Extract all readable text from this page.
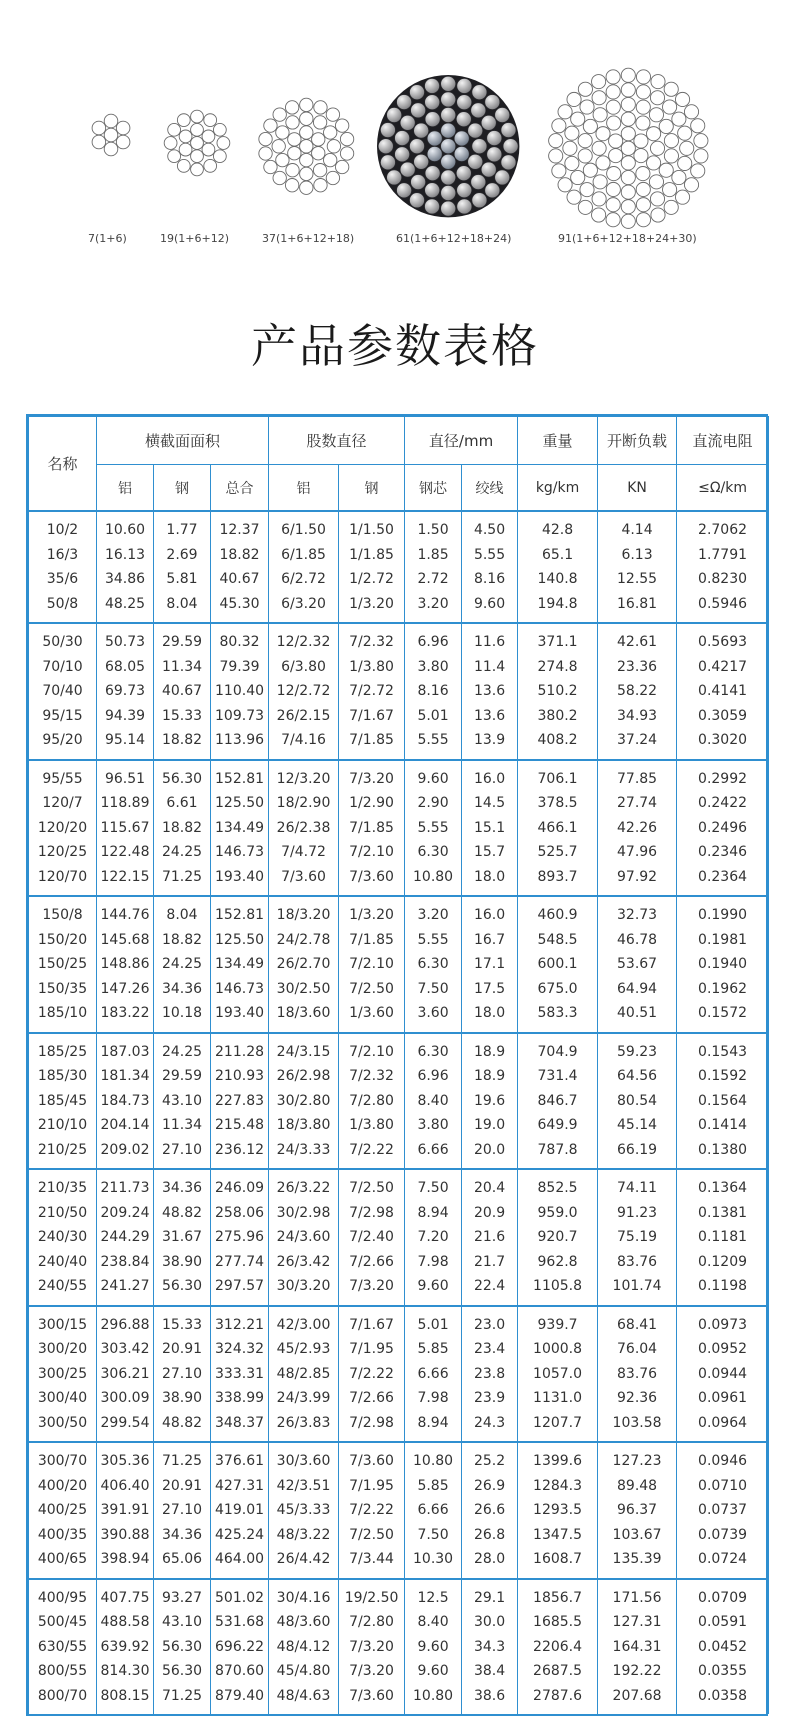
7(1+6)	19(1+6+12)	37(1+6+12+18)	61(1+6+12+18+24)	91(1+6+12+18+24+30)
产品参数表格
名称	横截面面积			股数直径		直径/mm		重量	开断负载	直流电阻
	铝	钢	总合	铝	钢	钢芯	绞线	kg/km	KN	≤Ω/km
10/2	10.60	1.77	12.37	6/1.50	1/1.50	1.50	4.50	42.8	4.14	2.7062
16/3	16.13	2.69	18.82	6/1.85	1/1.85	1.85	5.55	65.1	6.13	1.7791
35/6	34.86	5.81	40.67	6/2.72	1/2.72	2.72	8.16	140.8	12.55	0.8230
50/8	48.25	8.04	45.30	6/3.20	1/3.20	3.20	9.60	194.8	16.81	0.5946
50/30	50.73	29.59	80.32	12/2.32	7/2.32	6.96	11.6	371.1	42.61	0.5693
70/10	68.05	11.34	79.39	6/3.80	1/3.80	3.80	11.4	274.8	23.36	0.4217
70/40	69.73	40.67	110.40	12/2.72	7/2.72	8.16	13.6	510.2	58.22	0.4141
95/15	94.39	15.33	109.73	26/2.15	7/1.67	5.01	13.6	380.2	34.93	0.3059
95/20	95.14	18.82	113.96	7/4.16	7/1.85	5.55	13.9	408.2	37.24	0.3020
95/55	96.51	56.30	152.81	12/3.20	7/3.20	9.60	16.0	706.1	77.85	0.2992
120/7	118.89	6.61	125.50	18/2.90	1/2.90	2.90	14.5	378.5	27.74	0.2422
120/20	115.67	18.82	134.49	26/2.38	7/1.85	5.55	15.1	466.1	42.26	0.2496
120/25	122.48	24.25	146.73	7/4.72	7/2.10	6.30	15.7	525.7	47.96	0.2346
120/70	122.15	71.25	193.40	7/3.60	7/3.60	10.80	18.0	893.7	97.92	0.2364
150/8	144.76	8.04	152.81	18/3.20	1/3.20	3.20	16.0	460.9	32.73	0.1990
150/20	145.68	18.82	125.50	24/2.78	7/1.85	5.55	16.7	548.5	46.78	0.1981
150/25	148.86	24.25	134.49	26/2.70	7/2.10	6.30	17.1	600.1	53.67	0.1940
150/35	147.26	34.36	146.73	30/2.50	7/2.50	7.50	17.5	675.0	64.94	0.1962
185/10	183.22	10.18	193.40	18/3.60	1/3.60	3.60	18.0	583.3	40.51	0.1572
185/25	187.03	24.25	211.28	24/3.15	7/2.10	6.30	18.9	704.9	59.23	0.1543
185/30	181.34	29.59	210.93	26/2.98	7/2.32	6.96	18.9	731.4	64.56	0.1592
185/45	184.73	43.10	227.83	30/2.80	7/2.80	8.40	19.6	846.7	80.54	0.1564
210/10	204.14	11.34	215.48	18/3.80	1/3.80	3.80	19.0	649.9	45.14	0.1414
210/25	209.02	27.10	236.12	24/3.33	7/2.22	6.66	20.0	787.8	66.19	0.1380
210/35	211.73	34.36	246.09	26/3.22	7/2.50	7.50	20.4	852.5	74.11	0.1364
210/50	209.24	48.82	258.06	30/2.98	7/2.98	8.94	20.9	959.0	91.23	0.1381
240/30	244.29	31.67	275.96	24/3.60	7/2.40	7.20	21.6	920.7	75.19	0.1181
240/40	238.84	38.90	277.74	26/3.42	7/2.66	7.98	21.7	962.8	83.76	0.1209
240/55	241.27	56.30	297.57	30/3.20	7/3.20	9.60	22.4	1105.8	101.74	0.1198
300/15	296.88	15.33	312.21	42/3.00	7/1.67	5.01	23.0	939.7	68.41	0.0973
300/20	303.42	20.91	324.32	45/2.93	7/1.95	5.85	23.4	1000.8	76.04	0.0952
300/25	306.21	27.10	333.31	48/2.85	7/2.22	6.66	23.8	1057.0	83.76	0.0944
300/40	300.09	38.90	338.99	24/3.99	7/2.66	7.98	23.9	1131.0	92.36	0.0961
300/50	299.54	48.82	348.37	26/3.83	7/2.98	8.94	24.3	1207.7	103.58	0.0964
300/70	305.36	71.25	376.61	30/3.60	7/3.60	10.80	25.2	1399.6	127.23	0.0946
400/20	406.40	20.91	427.31	42/3.51	7/1.95	5.85	26.9	1284.3	89.48	0.0710
400/25	391.91	27.10	419.01	45/3.33	7/2.22	6.66	26.6	1293.5	96.37	0.0737
400/35	390.88	34.36	425.24	48/3.22	7/2.50	7.50	26.8	1347.5	103.67	0.0739
400/65	398.94	65.06	464.00	26/4.42	7/3.44	10.30	28.0	1608.7	135.39	0.0724
400/95	407.75	93.27	501.02	30/4.16	19/2.50	12.5	29.1	1856.7	171.56	0.0709
500/45	488.58	43.10	531.68	48/3.60	7/2.80	8.40	30.0	1685.5	127.31	0.0591
630/55	639.92	56.30	696.22	48/4.12	7/3.20	9.60	34.3	2206.4	164.31	0.0452
800/55	814.30	56.30	870.60	45/4.80	7/3.20	9.60	38.4	2687.5	192.22	0.0355
800/70	808.15	71.25	879.40	48/4.63	7/3.60	10.80	38.6	2787.6	207.68	0.0358
